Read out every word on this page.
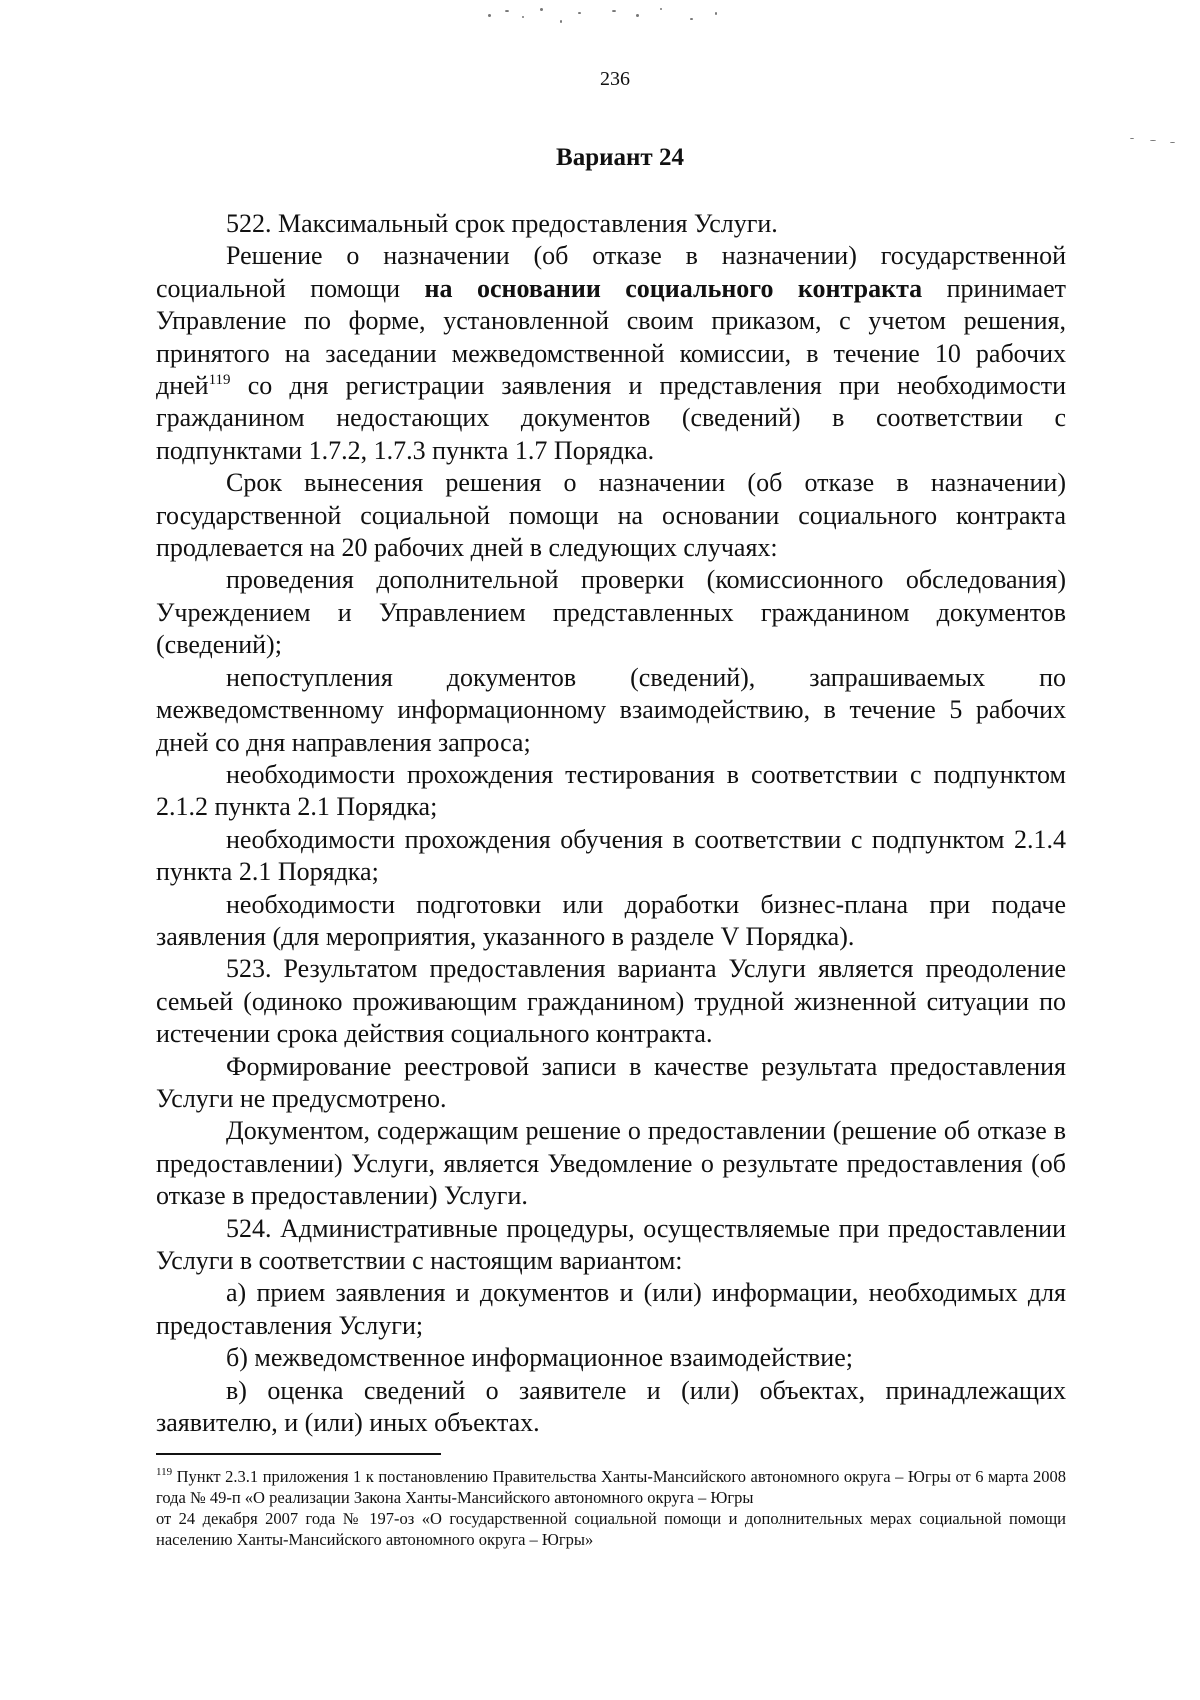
236
Вариант 24

522. Максимальный срок предоставления Услуги.

Решение о назначении (об отказе в назначении) государственной социальной помощи на основании социального контракта принимает Управление по форме, установленной своим приказом, с учетом решения, принятого на заседании межведомственной комиссии, в течение 10 рабочих дней$^{119}$ со дня регистрации заявления и представления при необходимости гражданином недостающих документов (сведений) в соответствии с подпунктами 1.7.2, 1.7.3 пункта 1.7 Порядка.

Срок вынесения решения о назначении (об отказе в назначении) государственной социальной помощи на основании социального контракта продлевается на 20 рабочих дней в следующих случаях:

проведения дополнительной проверки (комиссионного обследования) Учреждением и Управлением представленных гражданином документов (сведений);

непоступления документов (сведений), запрашиваемых по межведомственному информационному взаимодействию, в течение 5 рабочих дней со дня направления запроса;

необходимости прохождения тестирования в соответствии с подпунктом 2.1.2 пункта 2.1 Порядка;

необходимости прохождения обучения в соответствии с подпунктом 2.1.4 пункта 2.1 Порядка;

необходимости подготовки или доработки бизнес-плана при подаче заявления (для мероприятия, указанного в разделе V Порядка).

523. Результатом предоставления варианта Услуги является преодоление семьей (одиноко проживающим гражданином) трудной жизненной ситуации по истечении срока действия социального контракта.

Формирование реестровой записи в качестве результата предоставления Услуги не предусмотрено.

Документом, содержащим решение о предоставлении (решение об отказе в предоставлении) Услуги, является Уведомление о результате предоставления (об отказе в предоставлении) Услуги.

524. Административные процедуры, осуществляемые при предоставлении Услуги в соответствии с настоящим вариантом:

а) прием заявления и документов и (или) информации, необходимых для предоставления Услуги;

б) межведомственное информационное взаимодействие;

в) оценка сведений о заявителе и (или) объектах, принадлежащих заявителю, и (или) иных объектах.

$^{119}$ Пункт 2.3.1 приложения 1 к постановлению Правительства Ханты-Мансийского автономного округа – Югры от 6 марта 2008 года № 49-п «О реализации Закона Ханты-Мансийского автономного округа – Югры

от 24 декабря 2007 года № 197-оз «О государственной социальной помощи и дополнительных мерах социальной помощи населению Ханты-Мансийского автономного округа – Югры»
